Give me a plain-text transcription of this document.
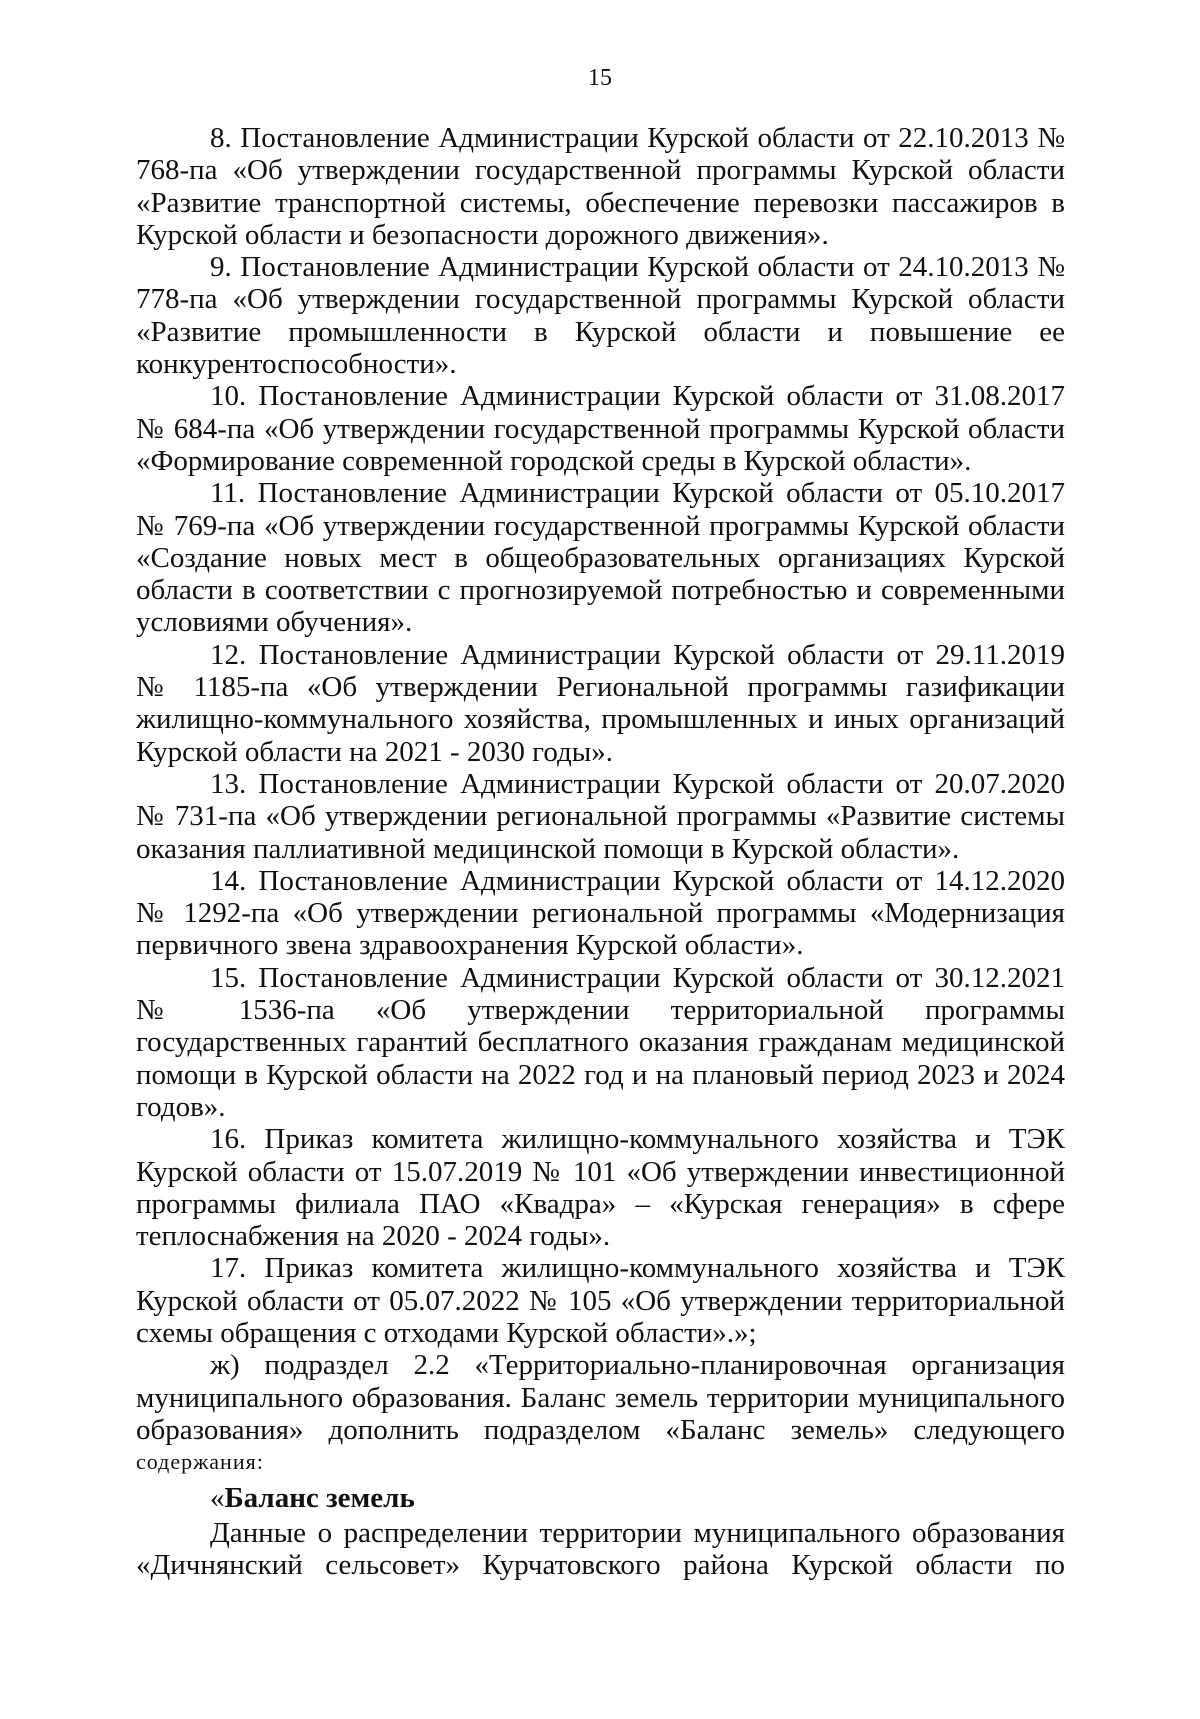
15

8. Постановление Администрации Курской области от 22.10.2013 № 768-па «Об утверждении государственной программы Курской области «Развитие транспортной системы, обеспечение перевозки пассажиров в Курской области и безопасности дорожного движения».

9. Постановление Администрации Курской области от 24.10.2013 № 778-па «Об утверждении государственной программы Курской области «Развитие промышленности в Курской области и повышение ее конкурентоспособности».

10. Постановление Администрации Курской области от 31.08.2017 № 684-па «Об утверждении государственной программы Курской области «Формирование современной городской среды в Курской области».

11. Постановление Администрации Курской области от 05.10.2017 № 769-па «Об утверждении государственной программы Курской области «Создание новых мест в общеобразовательных организациях Курской области в соответствии с прогнозируемой потребностью и современными условиями обучения».

12. Постановление Администрации Курской области от 29.11.2019 № 1185-па «Об утверждении Региональной программы газификации жилищно-коммунального хозяйства, промышленных и иных организаций Курской области на 2021 - 2030 годы».

13. Постановление Администрации Курской области от 20.07.2020 № 731-па «Об утверждении региональной программы «Развитие системы оказания паллиативной медицинской помощи в Курской области».

14. Постановление Администрации Курской области от 14.12.2020 № 1292-па «Об утверждении региональной программы «Модернизация первичного звена здравоохранения Курской области».

15. Постановление Администрации Курской области от 30.12.2021 № 1536-па «Об утверждении территориальной программы государственных гарантий бесплатного оказания гражданам медицинской помощи в Курской области на 2022 год и на плановый период 2023 и 2024 годов».

16. Приказ комитета жилищно-коммунального хозяйства и ТЭК Курской области от 15.07.2019 № 101 «Об утверждении инвестиционной программы филиала ПАО «Квадра» – «Курская генерация» в сфере теплоснабжения на 2020 - 2024 годы».

17. Приказ комитета жилищно-коммунального хозяйства и ТЭК Курской области от 05.07.2022 № 105 «Об утверждении территориальной схемы обращения с отходами Курской области».»;

ж) подраздел 2.2 «Территориально-планировочная организация муниципального образования. Баланс земель территории муниципального образования» дополнить подразделом «Баланс земель» следующего

содержания:

«Баланс земель

Данные о распределении территории муниципального образования «Дичнянский сельсовет» Курчатовского района Курской области по
